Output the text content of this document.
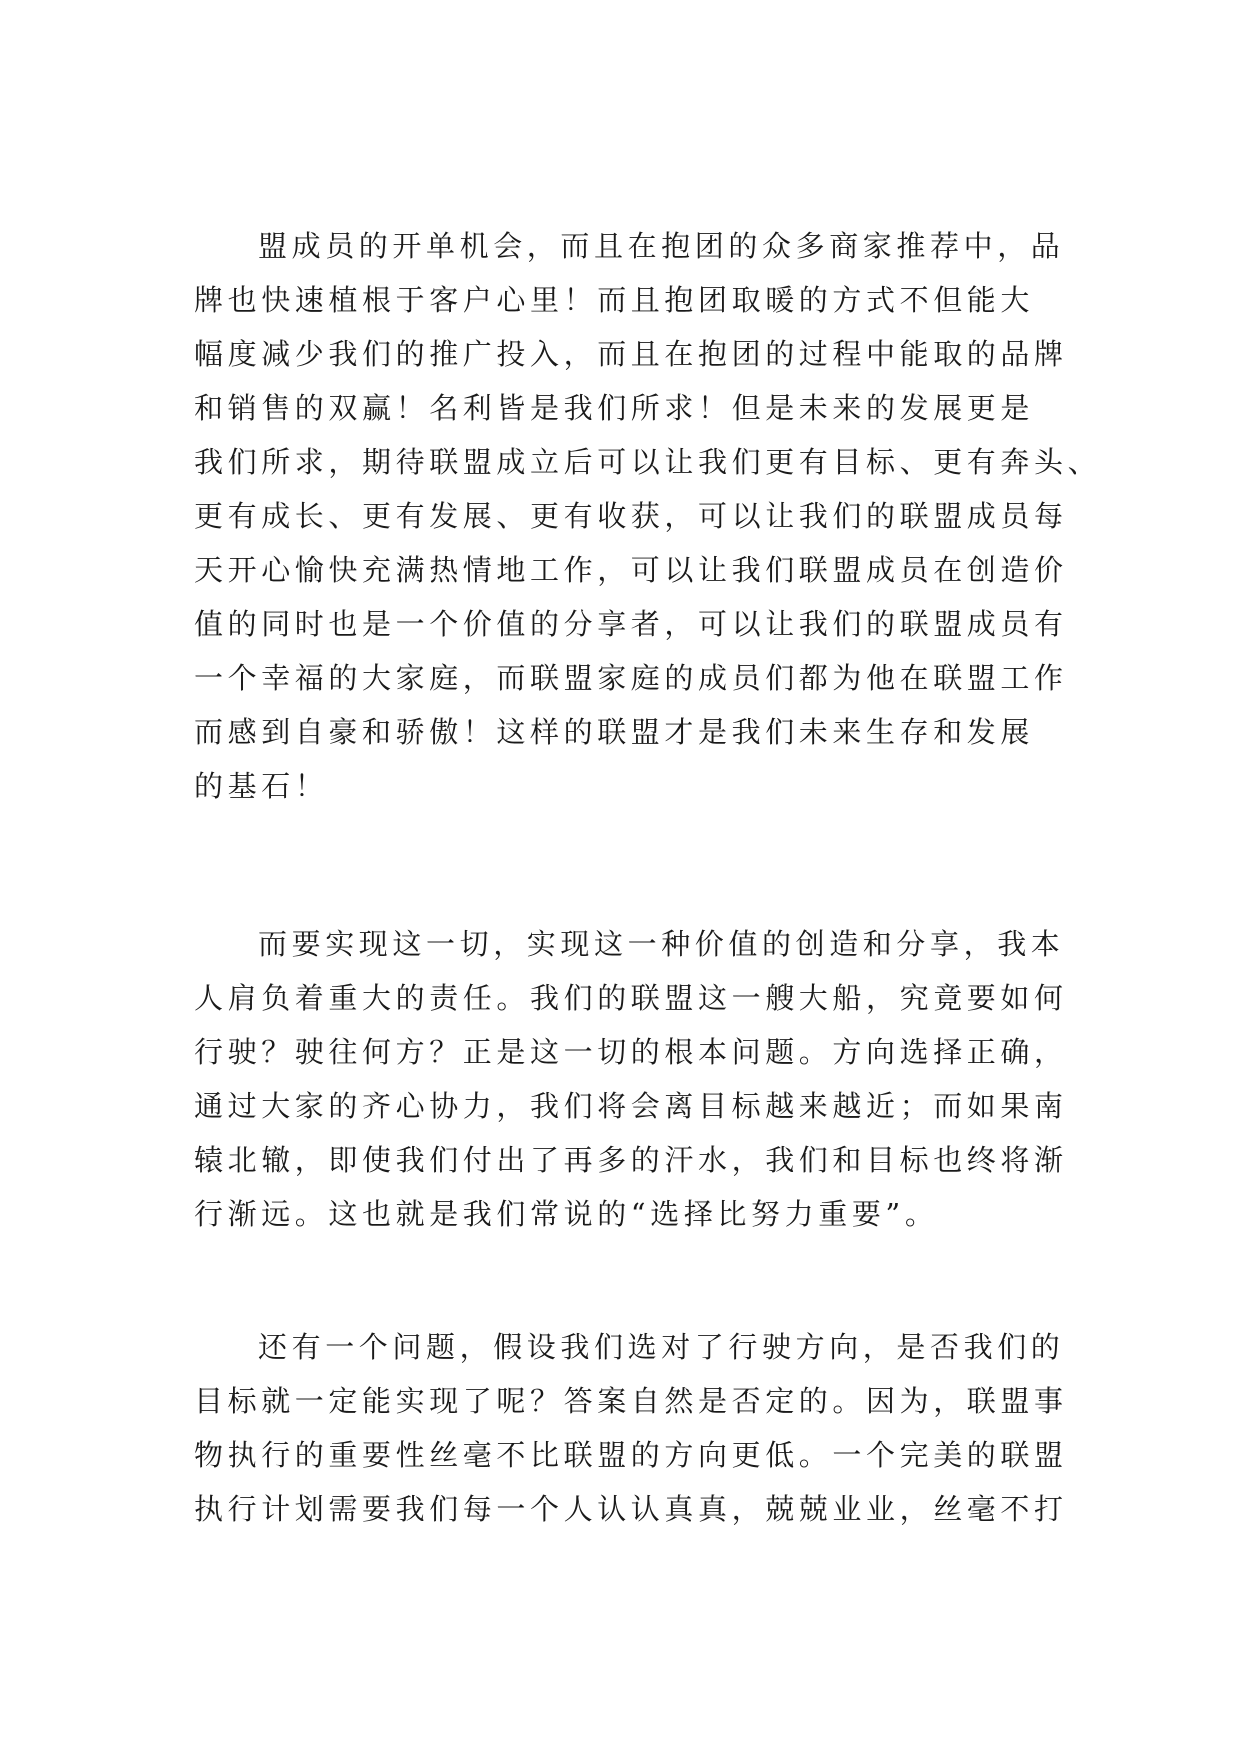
盟成员的开单机会，而且在抱团的众多商家推荐中，品
牌也快速植根于客户心里！而且抱团取暖的方式不但能大
幅度减少我们的推广投入，而且在抱团的过程中能取的品牌
和销售的双赢！名利皆是我们所求！但是未来的发展更是
我们所求，期待联盟成立后可以让我们更有目标、更有奔头、
更有成长、更有发展、更有收获，可以让我们的联盟成员每
天开心愉快充满热情地工作，可以让我们联盟成员在创造价
值的同时也是一个价值的分享者，可以让我们的联盟成员有
一个幸福的大家庭，而联盟家庭的成员们都为他在联盟工作
而感到自豪和骄傲！这样的联盟才是我们未来生存和发展
的基石！
而要实现这一切，实现这一种价值的创造和分享，我本
人肩负着重大的责任。我们的联盟这一艘大船，究竟要如何
行驶？驶往何方？正是这一切的根本问题。方向选择正确，
通过大家的齐心协力，我们将会离目标越来越近；而如果南
辕北辙，即使我们付出了再多的汗水，我们和目标也终将渐
行渐远。这也就是我们常说的“选择比努力重要”。
还有一个问题，假设我们选对了行驶方向，是否我们的
目标就一定能实现了呢？答案自然是否定的。因为，联盟事
物执行的重要性丝毫不比联盟的方向更低。一个完美的联盟
执行计划需要我们每一个人认认真真，兢兢业业，丝毫不打
